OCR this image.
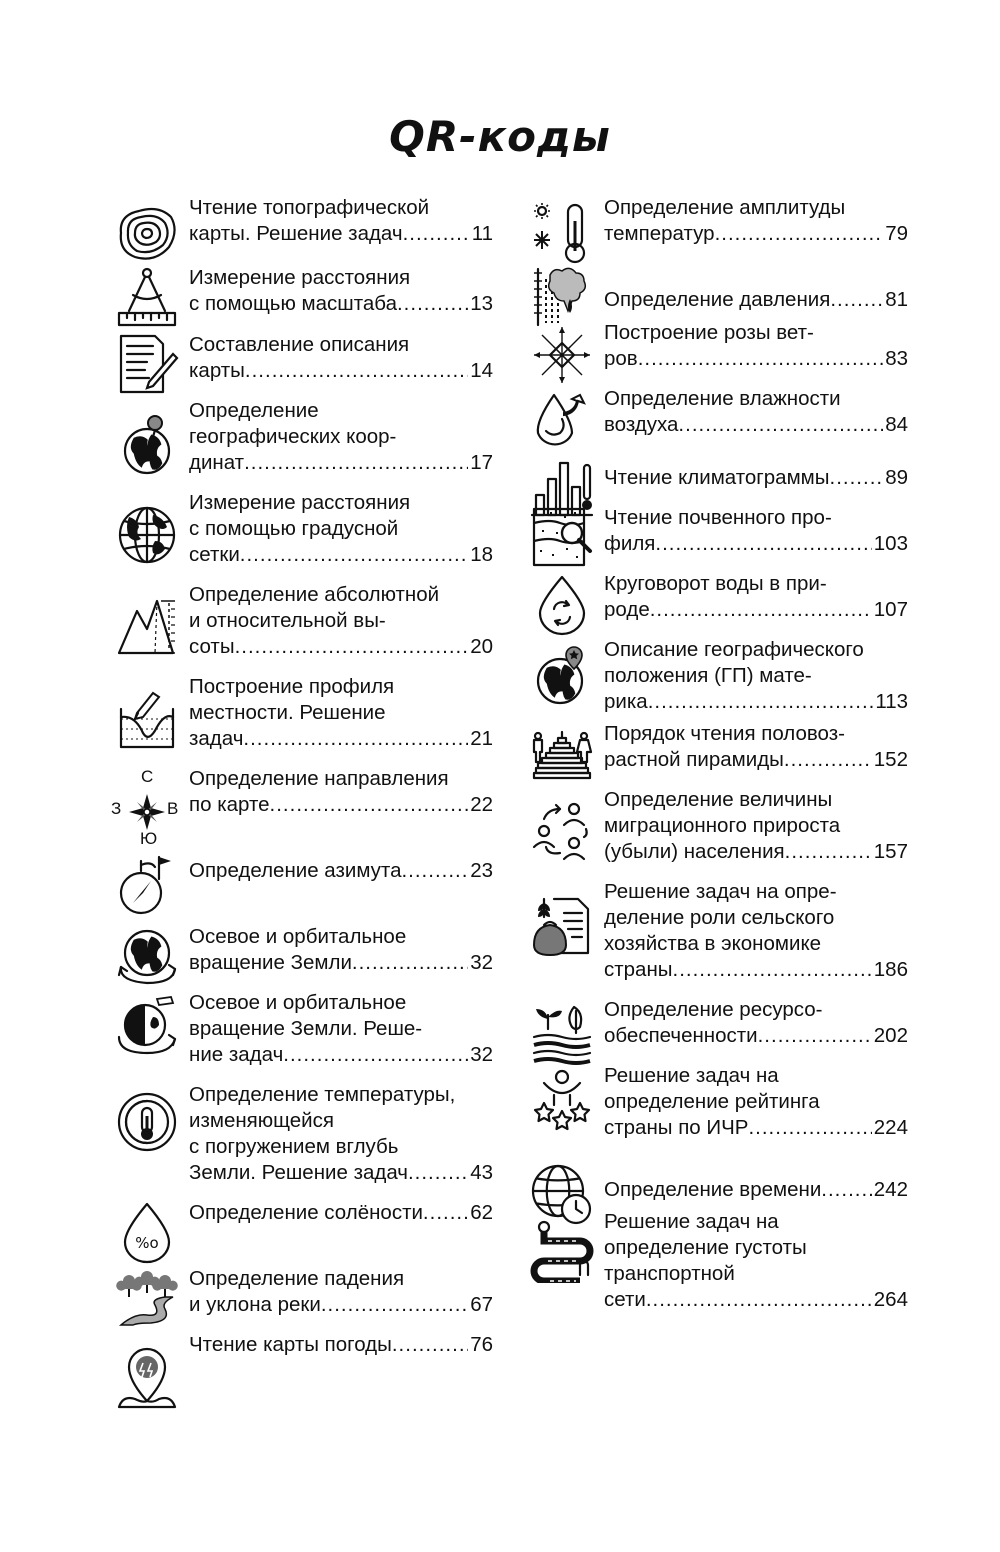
QR-коды
Чтение топографической
карты. Решение задач .....	11
Измерение расстояния
с помощью масштаба .....	13
Составление описания
карты .....	14
Определение
географических коор-
динат .....	17
Измерение расстояния
с помощью градусной
сетки .....	18
Определение абсолютной
и относительной вы-
соты .....	20
Построение профиля
местности. Решение
задач .....	21
С
З	В
Ю
Определение направления
по карте .....	22
Определение азимута .....	23
Осевое и орбитальное
вращение Земли .....	32
Осевое и орбитальное
вращение Земли. Реше-
ние задач .....	32
Определение температуры,
изменяющейся
с погружением вглубь
Земли. Решение задач .....	43
%o
Определение солёности ..... 62
Определение падения
и уклона реки .....	67
Чтение карты погоды .....	76
Определение амплитуды
температур .....	79
Определение давления .....	81
Построение розы вет-
ров .....	83
Определение влажности
воздуха .....	84
Чтение климатограммы .....	89
Чтение почвенного про-
филя .....	103
Круговорот воды в при-
роде .....	107
Описание географического
положения (ГП) мате-
рика .....	113
Порядок чтения половоз-
растной пирамиды .....	152
Определение величины
миграционного прироста
(убыли) населения .....	157
Решение задач на опре-
деление роли сельского
хозяйства в экономике
страны .....	186
Определение ресурсо-
обеспеченности .....	202
Решение задач на
определение рейтинга
страны по ИЧР .....	224
Определение времени .....	242
Решение задач на
определение густоты
транспортной
сети .....	264
